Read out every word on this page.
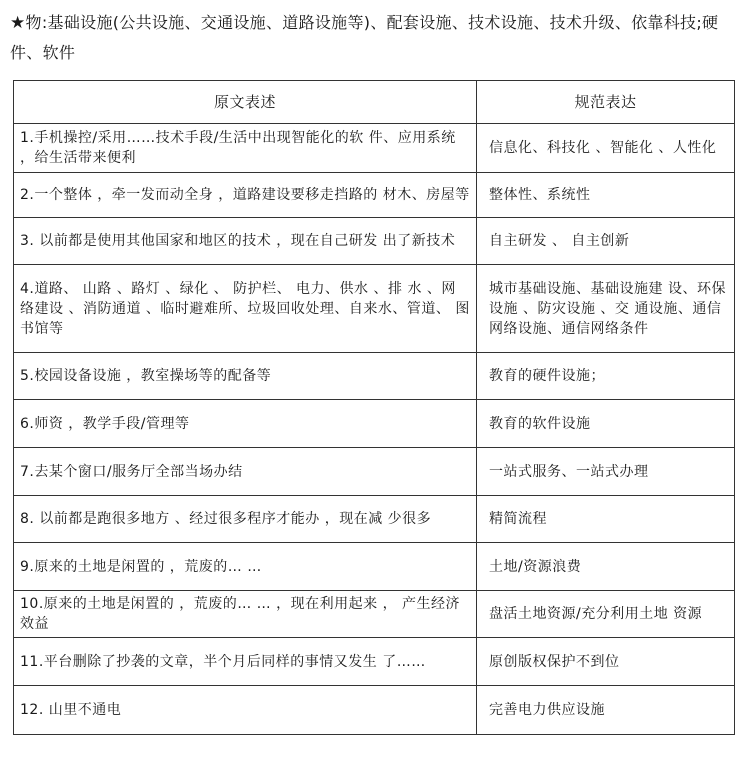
★物:基础设施(公共设施、交通设施、道路设施等)、配套设施、技术设施、技术升级、依靠科技;硬件、软件
原文表述	规范表达
1.手机操控/采用……技术手段/生活中出现智能化的软 件、应用系统 ，给生活带来便利	信息化、科技化 、智能化 、人性化
2.一个整体 ，牵一发而动全身 ，道路建设要移走挡路的 材木、房屋等	整体性、系统性
3. 以前都是使用其他国家和地区的技术 ，现在自己研发 出了新技术	自主研发 、 自主创新
4.道路、 山路 、路灯 、绿化 、 防护栏、 电力、供水 、排 水 、网络建设 、消防通道 、临时避难所、垃圾回收处理、自来水、管道、 图书馆等	城市基础设施、基础设施建 设、环保设施 、防灾设施 、交 通设施、通信网络设施、通信网络条件
5.校园设备设施 ，教室操场等的配备等	教育的硬件设施；
6.师资 ，教学手段/管理等	教育的软件设施
7.去某个窗口/服务厅全部当场办结	一站式服务、一站式办理
8. 以前都是跑很多地方 、经过很多程序才能办 ，现在减 少很多	精简流程
9.原来的土地是闲置的 ，荒废的… …	土地/资源浪费
10.原来的土地是闲置的 ，荒废的… … ，现在利用起来 ， 产生经济效益	盘活土地资源/充分利用土地 资源
11.平台删除了抄袭的文章，半个月后同样的事情又发生 了……	原创版权保护不到位
12. 山里不通电	完善电力供应设施
